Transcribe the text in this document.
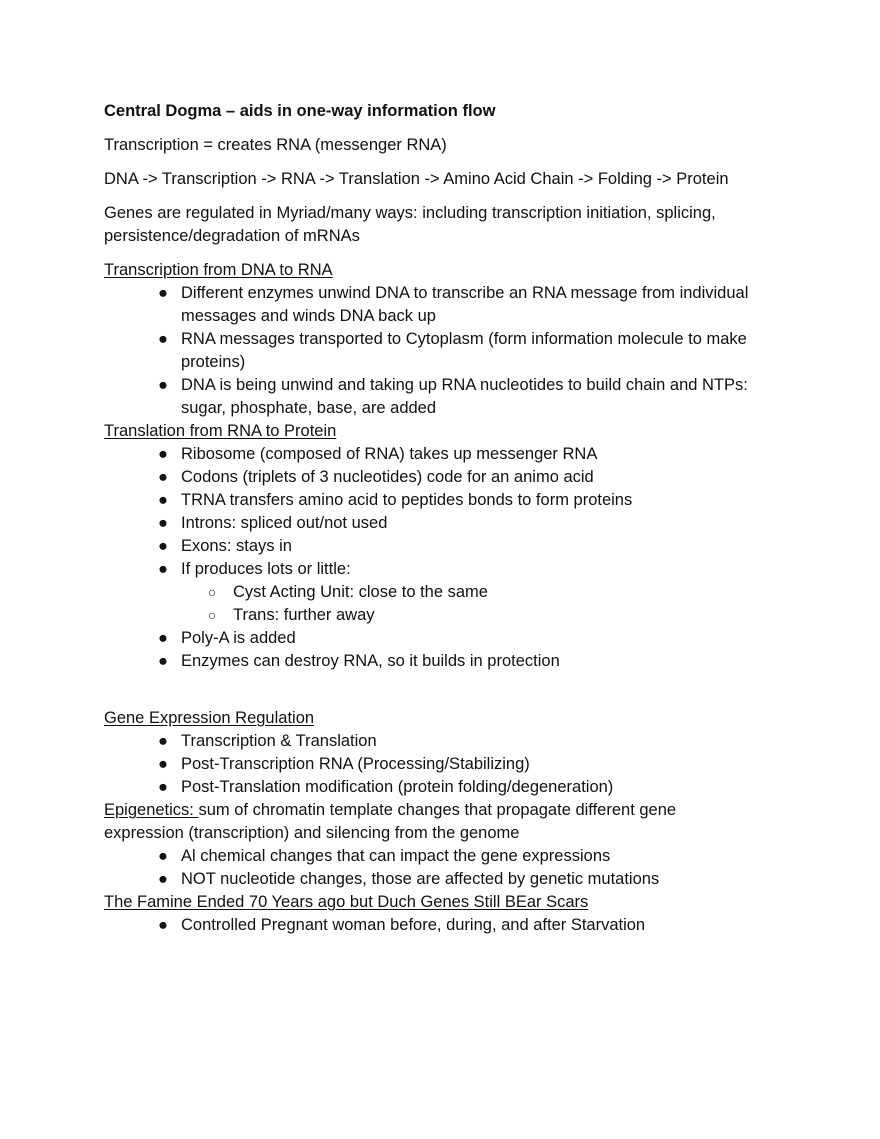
Central Dogma – aids in one-way information flow

Transcription = creates RNA (messenger RNA)

DNA -> Transcription -> RNA -> Translation -> Amino Acid Chain -> Folding -> Protein

Genes are regulated in Myriad/many ways: including transcription initiation, splicing,

persistence/degradation of mRNAs

Transcription from DNA to RNA

● Different enzymes unwind DNA to transcribe an RNA message from individual
messages and winds DNA back up
● RNA messages transported to Cytoplasm (form information molecule to make
proteins)
● DNA is being unwind and taking up RNA nucleotides to build chain and NTPs:
sugar, phosphate, base, are added

Translation from RNA to Protein

● Ribosome (composed of RNA) takes up messenger RNA
● Codons (triplets of 3 nucleotides) code for an animo acid
● TRNA transfers amino acid to peptides bonds to form proteins
● Introns: spliced out/not used
● Exons: stays in
● If produces lots or little:
○ Cyst Acting Unit: close to the same
○ Trans: further away
● Poly-A is added
● Enzymes can destroy RNA, so it builds in protection

Gene Expression Regulation

● Transcription & Translation
● Post-Transcription RNA (Processing/Stabilizing)
● Post-Translation modification (protein folding/degeneration)

Epigenetics: sum of chromatin template changes that propagate different gene

expression (transcription) and silencing from the genome

● Al chemical changes that can impact the gene expressions
● NOT nucleotide changes, those are affected by genetic mutations

The Famine Ended 70 Years ago but Duch Genes Still BEar Scars

● Controlled Pregnant woman before, during, and after Starvation
